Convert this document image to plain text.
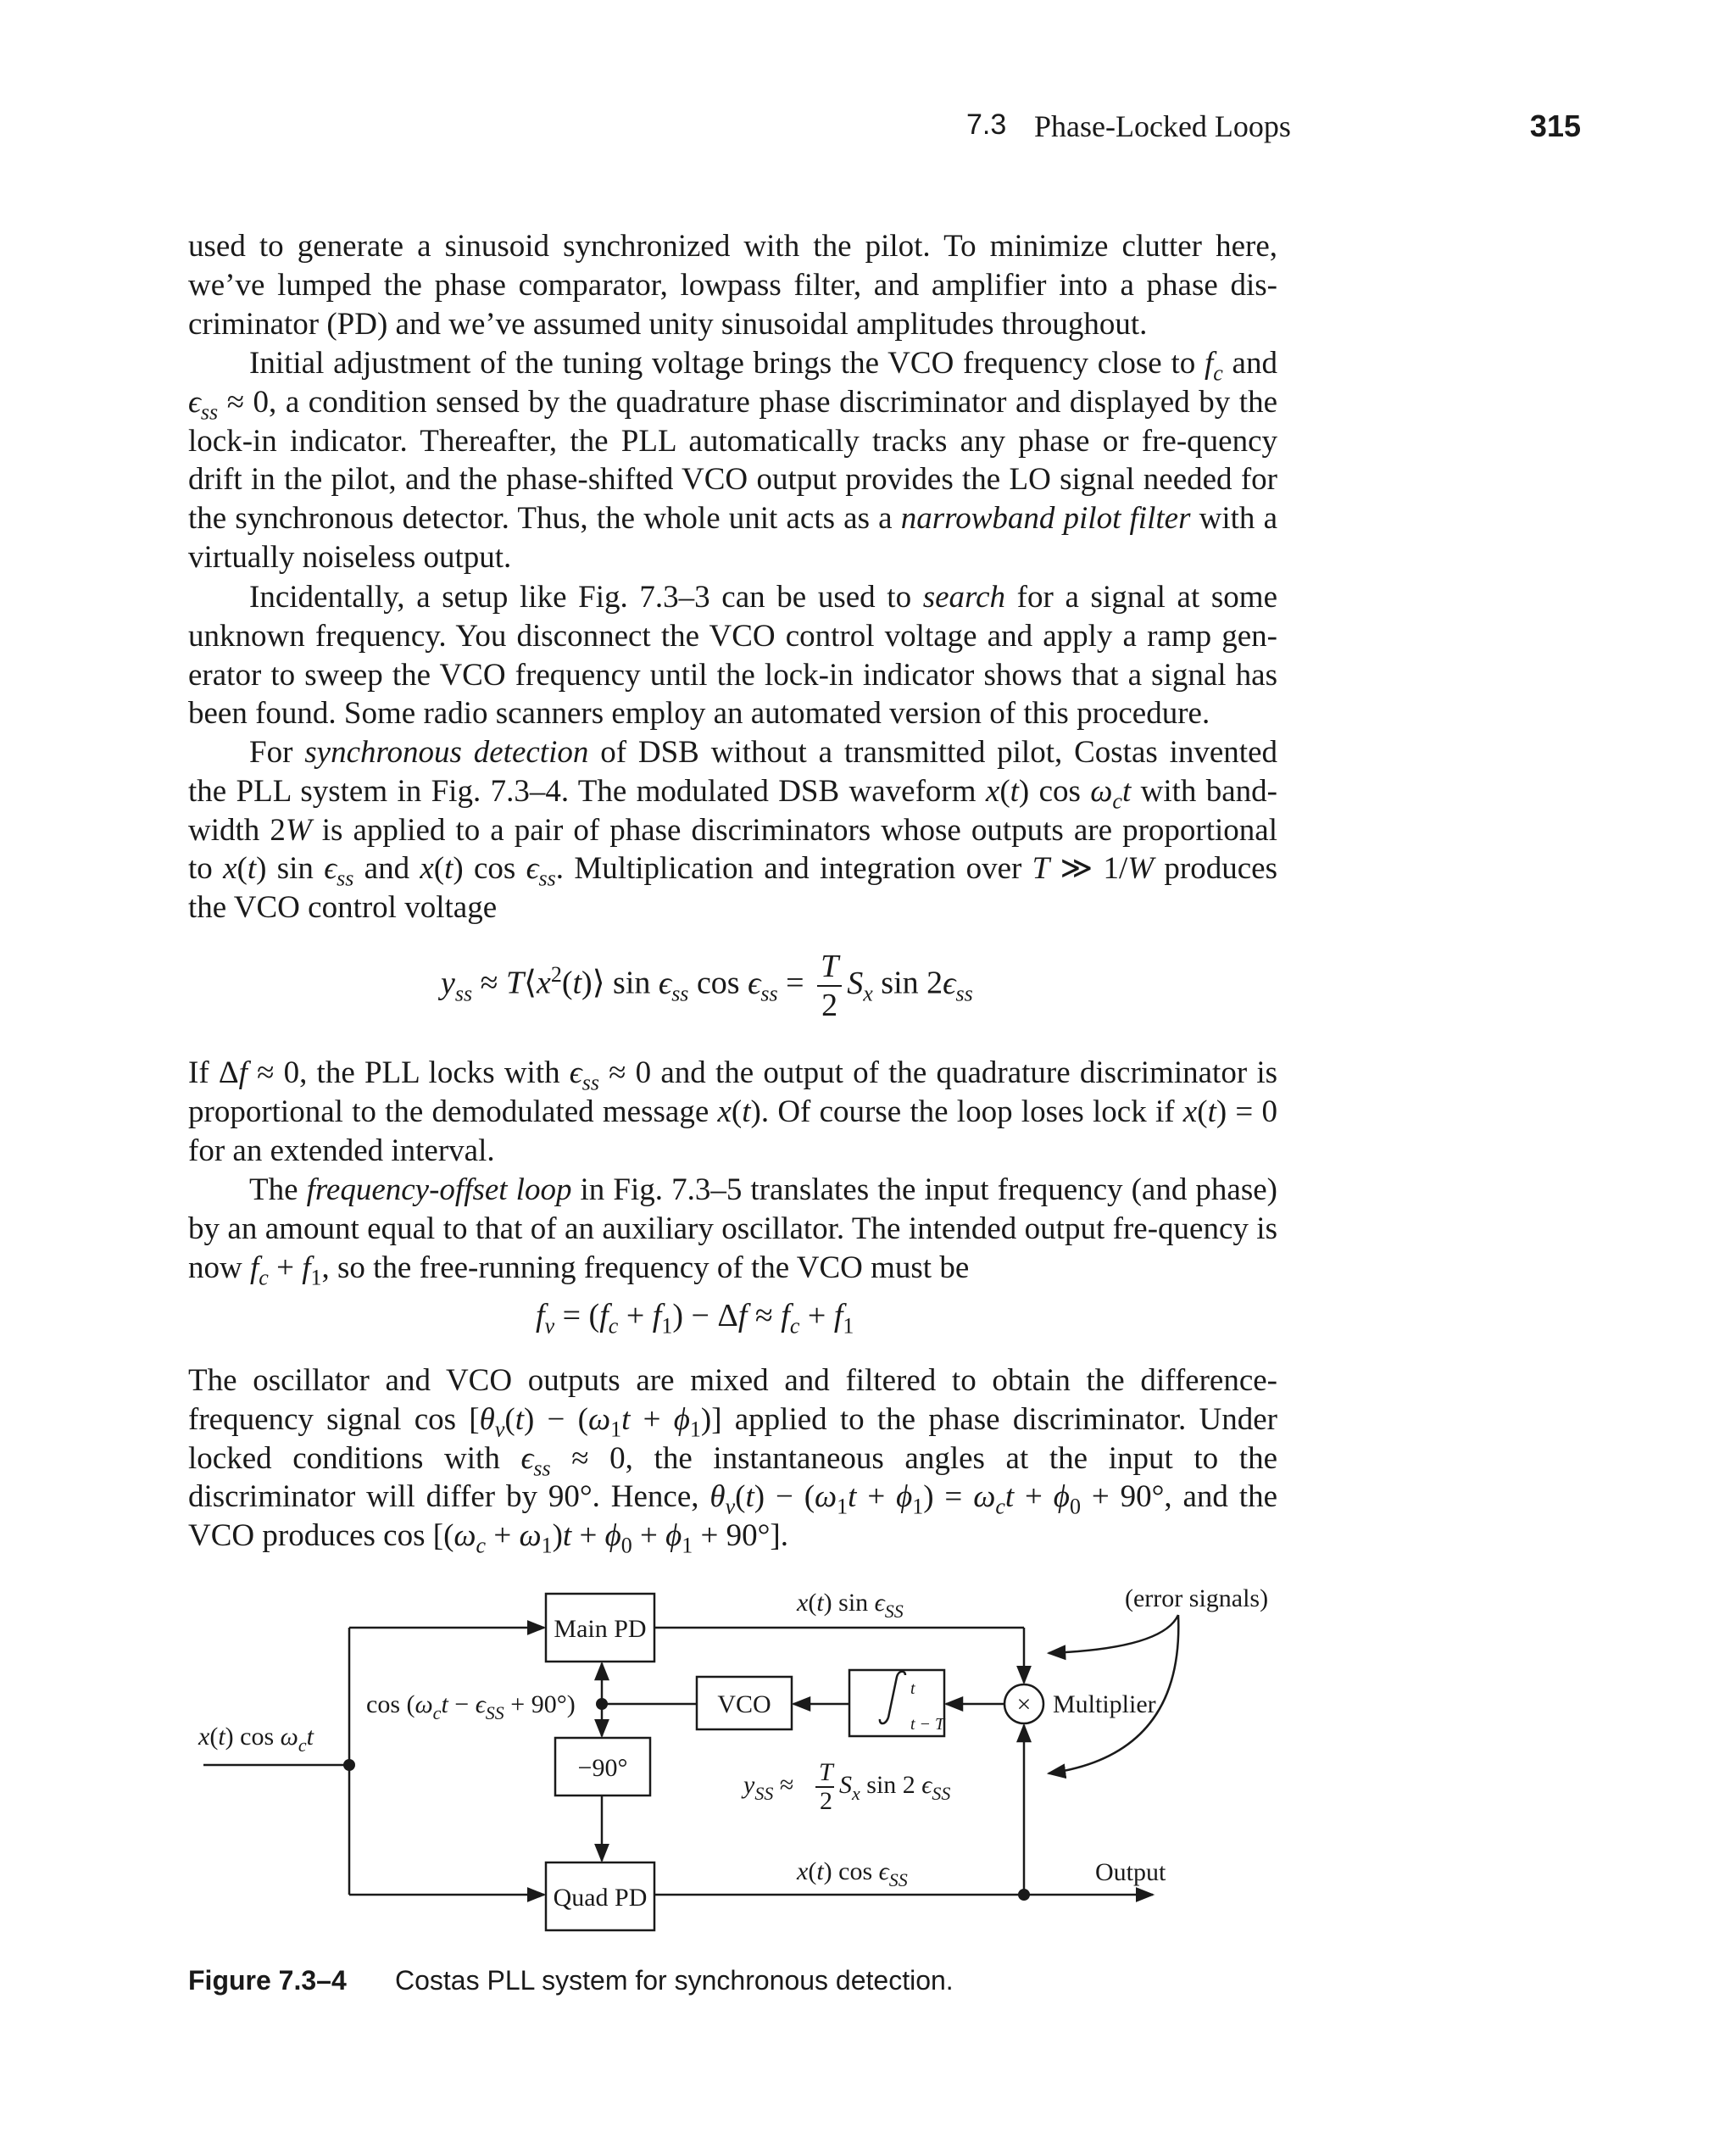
7.3 Phase-Locked Loops	315
used to generate a sinusoid synchronized with the pilot. To minimize clutter here, we’ve lumped the phase comparator, lowpass filter, and amplifier into a phase dis-criminator (PD) and we’ve assumed unity sinusoidal amplitudes throughout.
Initial adjustment of the tuning voltage brings the VCO frequency close to $f_c$ and $\epsilon_{ss} \approx 0$, a condition sensed by the quadrature phase discriminator and displayed by the lock-in indicator. Thereafter, the PLL automatically tracks any phase or fre-quency drift in the pilot, and the phase-shifted VCO output provides the LO signal needed for the synchronous detector. Thus, the whole unit acts as a narrowband pilot filter with a virtually noiseless output.
Incidentally, a setup like Fig. 7.3–3 can be used to search for a signal at some unknown frequency. You disconnect the VCO control voltage and apply a ramp gen-erator to sweep the VCO frequency until the lock-in indicator shows that a signal has been found. Some radio scanners employ an automated version of this procedure.
For synchronous detection of DSB without a transmitted pilot, Costas invented the PLL system in Fig. 7.3–4. The modulated DSB waveform x(t) $\cos \omega_ct$ with band-width 2W is applied to a pair of phase discriminators whose outputs are proportional to x(t) $\sin \epsilon_{ss}$ and x(t) $\cos \epsilon_{ss}$. Multiplication and integration over T ≫ 1/W produces the VCO control voltage
$y_{ss}$ ≈ $T⟨x^2(t)⟩$ $\sin \epsilon_{ss}$ $\cos \epsilon_{ss} = \frac{T}{2} S_x$ $\sin 2\epsilon_{ss}$
If Δf ≈ 0, the PLL locks with $\epsilon_{ss} \approx 0$ and the output of the quadrature discriminator is proportional to the demodulated message x(t). Of course the loop loses lock if x(t) = 0 for an extended interval.
The frequency-offset loop in Fig. 7.3–5 translates the input frequency (and phase) by an amount equal to that of an auxiliary oscillator. The intended output fre-quency is now $f_c + f_1$, so the free-running frequency of the VCO must be
$f_v = (f_c + f_1) - \Delta f \approx f_c + f_1$
The oscillator and VCO outputs are mixed and filtered to obtain the difference-frequency signal $\cos [\theta_v(t) - (\omega_1t + \phi_1)]$ applied to the phase discriminator. Under locked conditions with $\epsilon_{ss} \approx 0$, the instantaneous angles at the input to the discriminator will differ by 90°. Hence, $\theta_v(t) - (\omega_1t + \phi_1) = \omega_ct + \phi_0 + 90^\circ$, and the VCO produces $\cos [(\omega_c + \omega_1)t + \phi_0 + \phi_1 + 90^\circ]$.
Main PD
Quad PD
−90°
VCO	× Multiplier
(error signals)
Output
t
t − T
x(t) $\sin \epsilon_{SS}$
x(t) $\cos \epsilon_{SS}$
x(t) $\cos \omega_ct$
$\cos (\omega_ct - \epsilon_{SS} + 90^\circ)$
$y_{SS} \approx T$
2
$S_x$ sin 2 $\epsilon_{SS}$
Figure 7.3–4 Costas PLL system for synchronous detection.
